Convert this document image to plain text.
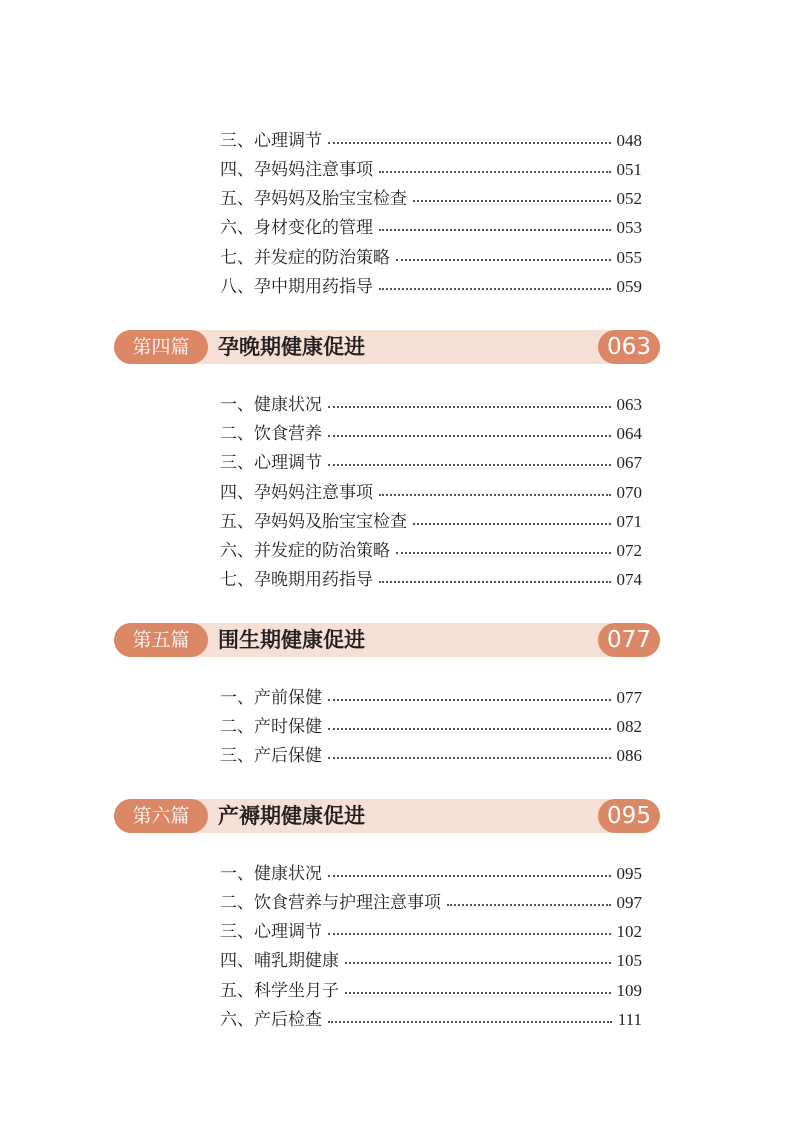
三、心理调节	048
四、孕妈妈注意事项	051
五、孕妈妈及胎宝宝检查	052
六、身材变化的管理	053
七、并发症的防治策略	055
八、孕中期用药指导	059
第四篇	孕晚期健康促进	063
一、健康状况	063
二、饮食营养	064
三、心理调节	067
四、孕妈妈注意事项	070
五、孕妈妈及胎宝宝检查	071
六、并发症的防治策略	072
七、孕晚期用药指导	074
第五篇	围生期健康促进	077
一、产前保健	077
二、产时保健	082
三、产后保健	086
第六篇	产褥期健康促进	095
一、健康状况	095
二、饮食营养与护理注意事项	097
三、心理调节	102
四、哺乳期健康	105
五、科学坐月子	109
六、产后检查	111
